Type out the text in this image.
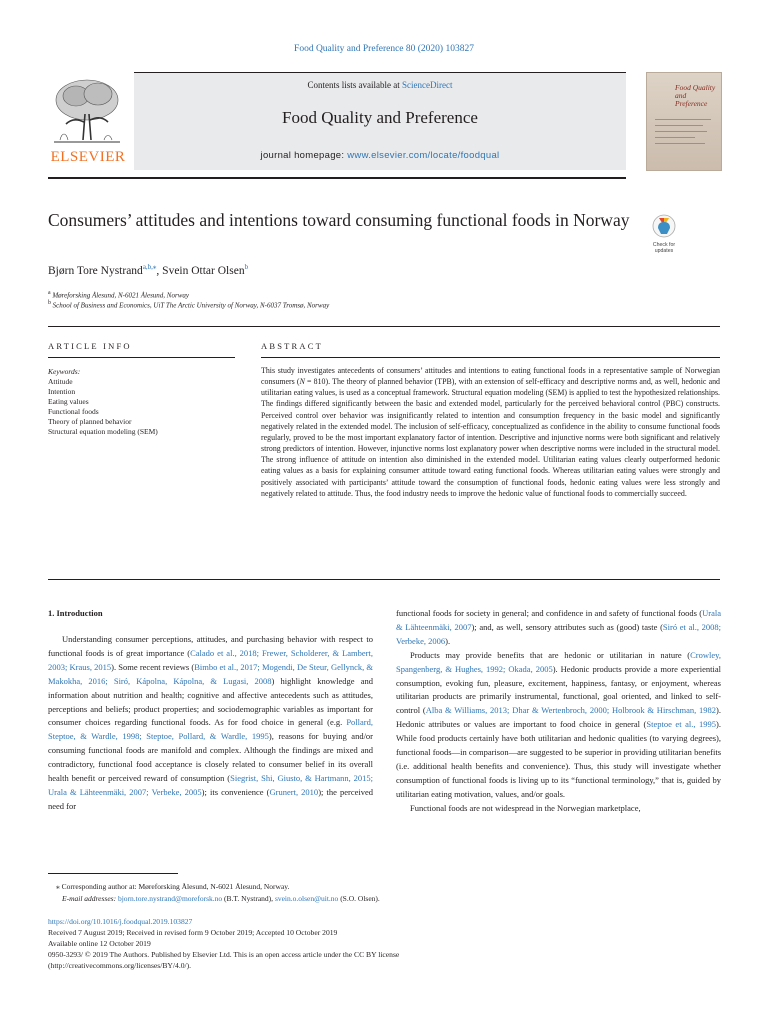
Food Quality and Preference 80 (2020) 103827
Contents lists available at ScienceDirect
Food Quality and Preference
journal homepage: www.elsevier.com/locate/foodqual
ELSEVIER
Food Quality and Preference
Consumers’ attitudes and intentions toward consuming functional foods in Norway
Check for updates
Bjørn Tore Nystrand$^{a,b,⁎}$, Svein Ottar Olsen$^b$
$^a$ Møreforsking Ålesund, N-6021 Ålesund, Norway
$^b$ School of Business and Economics, UiT The Arctic University of Norway, N-6037 Tromsø, Norway
ARTICLE INFO	ABSTRACT
Keywords:
Attitude
Intention
Eating values
Functional foods
Theory of planned behavior
Structural equation modeling (SEM)

This study investigates antecedents of consumers’ attitudes and intentions to eating functional foods in a representative sample of Norwegian consumers (N = 810). The theory of planned behavior (TPB), with an extension of self-efficacy and descriptive norms and, as well, hedonic and utilitarian eating values, is used as a conceptual framework. Structural equation modeling (SEM) is applied to test the hypothesized relationships. The findings differed significantly between the basic and extended model, particularly for the perceived behavioral control (PBC) constructs. Perceived control over behavior was insignificantly related to intention and consumption frequency in the basic model and significantly negatively related in the extended model. The inclusion of self-efficacy, conceptualized as confidence in the ability to consume functional foods regularly, proved to be the most important explanatory factor of intention. Descriptive and injunctive norms were both significant and relatively strong predictors of intention. However, injunctive norms lost explanatory power when descriptive norms were included in the structural model. The strong influence of attitude on intention also diminished in the extended model. Utilitarian eating values clearly outperformed hedonic eating values as a basis for explaining consumer attitude toward eating functional foods. Whereas utilitarian eating values were strongly and positively associated with participants’ attitude toward the consumption of functional foods, hedonic eating values were less strongly and negatively related to attitude. Thus, the food industry needs to improve the hedonic value of functional foods to commercially succeed.

1. Introduction

Understanding consumer perceptions, attitudes, and purchasing behavior with respect to functional foods is of great importance (Calado et al., 2018; Frewer, Scholderer, & Lambert, 2003; Kraus, 2015). Some recent reviews (Bimbo et al., 2017; Mogendi, De Steur, Gellynck, & Makokha, 2016; Siró, Kápolna, Kápolna, & Lugasi, 2008) highlight knowledge and information about nutrition and health; cognitive and affective antecedents such as attitudes, perceptions and beliefs; product properties; and sociodemographic variables as important for consumer choices regarding functional foods. As for food choice in general (e.g. Pollard, Steptoe, & Wardle, 1998; Steptoe, Pollard, & Wardle, 1995), reasons for buying and/or consuming functional foods are manifold and complex. Although the findings are mixed and contradictory, functional food acceptance is closely related to consumer belief in its overall health benefit or perceived reward of consumption (Siegrist, Shi, Giusto, & Hartmann, 2015; Urala & Lähteenmäki, 2007; Verbeke, 2005); its convenience (Grunert, 2010); the perceived need for

functional foods for society in general; and confidence in and safety of functional foods (Urala & Lähteenmäki, 2007); and, as well, sensory attributes such as (good) taste (Siró et al., 2008; Verbeke, 2006).

Products may provide benefits that are hedonic or utilitarian in nature (Crowley, Spangenberg, & Hughes, 1992; Okada, 2005). Hedonic products provide a more experiential consumption, evoking fun, pleasure, excitement, happiness, fantasy, or enjoyment, whereas utilitarian products are primarily instrumental, functional, goal oriented, and linked to self-control (Alba & Williams, 2013; Dhar & Wertenbroch, 2000; Holbrook & Hirschman, 1982). Hedonic attributes or values are important to food choice in general (Steptoe et al., 1995). While food products certainly have both utilitarian and hedonic qualities (to varying degrees), functional foods—in comparison—are suggested to be superior in providing utilitarian benefits (i.e. additional health benefits and convenience). Thus, this study will investigate whether consumption of functional foods is living up to its “functional terminology,” that is, guided by utilitarian eating motivation, values, and/or goals.

Functional foods are not widespread in the Norwegian marketplace,

⁎ Corresponding author at: Møreforsking Ålesund, N-6021 Ålesund, Norway.
E-mail addresses: bjorn.tore.nystrand@moreforsk.no (B.T. Nystrand), svein.o.olsen@uit.no (S.O. Olsen).
https://doi.org/10.1016/j.foodqual.2019.103827
Received 7 August 2019; Received in revised form 9 October 2019; Accepted 10 October 2019
Available online 12 October 2019
0950-3293/ © 2019 The Authors. Published by Elsevier Ltd. This is an open access article under the CC BY license
(http://creativecommons.org/licenses/BY/4.0/).
